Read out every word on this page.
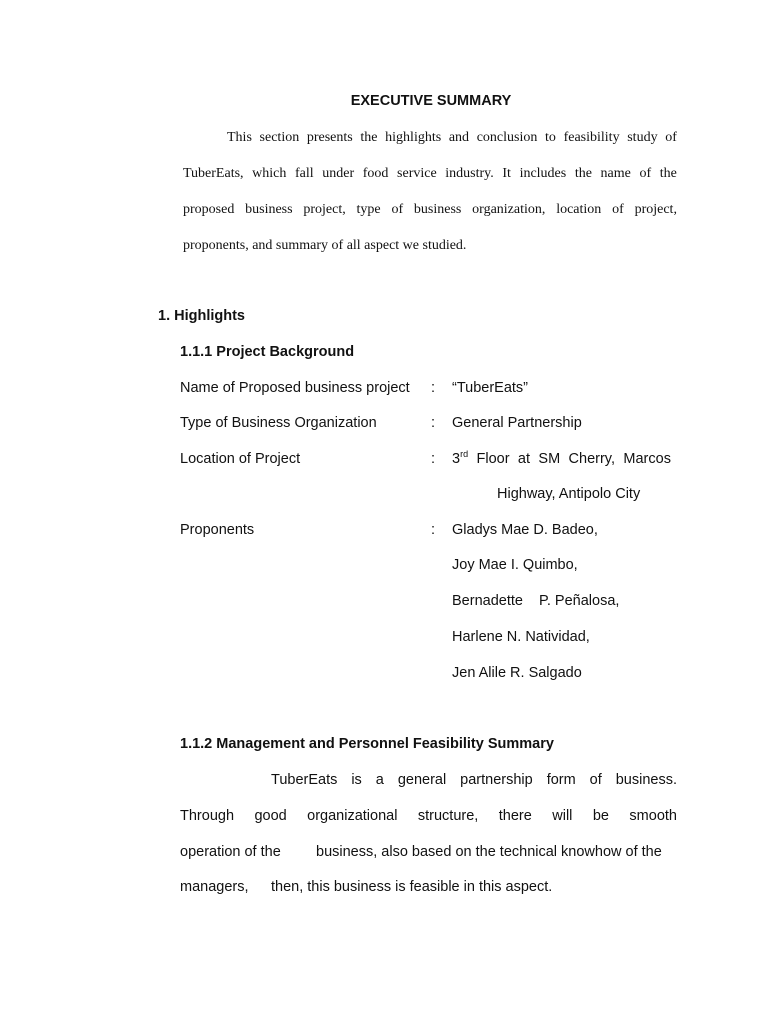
EXECUTIVE SUMMARY
This section presents the highlights and conclusion to feasibility study of
TuberEats, which fall under food service industry. It includes the name of the
proposed business project, type of business organization, location of project,
proponents, and summary of all aspect we studied.
1. Highlights
1.1.1 Project Background
Name of Proposed business project : “TuberEats”
Type of Business Organization	: General Partnership
Location of Project	: 3rd Floor at SM Cherry, Marcos
Highway, Antipolo City
Proponents	: Gladys Mae D. Badeo,
Joy Mae I. Quimbo,
Bernadette    P. Peñalosa,
Harlene N. Natividad,
Jen Alile R. Salgado
1.1.2 Management and Personnel Feasibility Summary
TuberEats is a general partnership form of business.
Through good organizational structure, there will be smooth
operation of the business, also based on the technical knowhow of the
managers, then, this business is feasible in this aspect.
